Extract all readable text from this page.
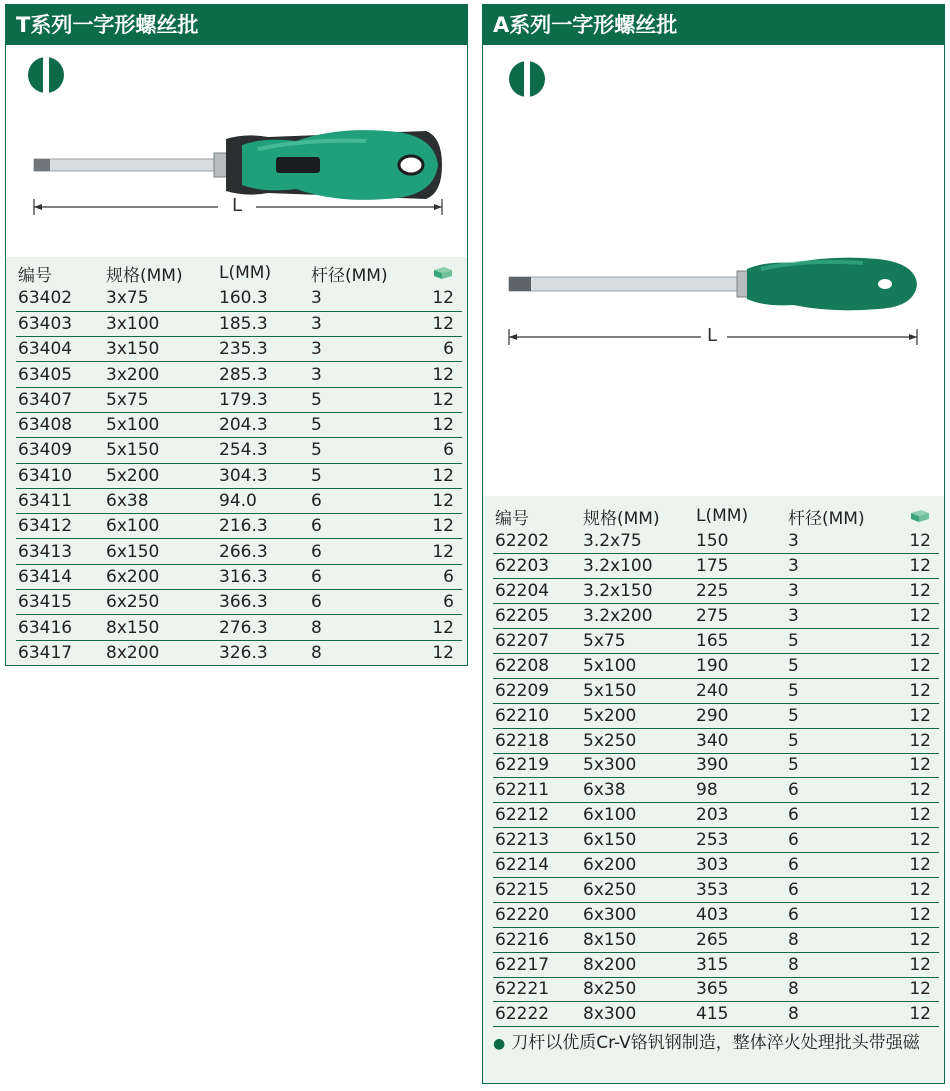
T系列一字形螺丝批
L
编号	规格(MM)	L(MM)	杆径(MM)	
63402	3x75	160.3	3	12
63403	3x100	185.3	3	12
63404	3x150	235.3	3	6
63405	3x200	285.3	3	12
63407	5x75	179.3	5	12
63408	5x100	204.3	5	12
63409	5x150	254.3	5	6
63410	5x200	304.3	5	12
63411	6x38	94.0	6	12
63412	6x100	216.3	6	12
63413	6x150	266.3	6	12
63414	6x200	316.3	6	6
63415	6x250	366.3	6	6
63416	8x150	276.3	8	12
63417	8x200	326.3	8	12
A系列一字形螺丝批
L
编号	规格(MM)	L(MM)	杆径(MM)	
62202	3.2x75	150	3	12
62203	3.2x100	175	3	12
62204	3.2x150	225	3	12
62205	3.2x200	275	3	12
62207	5x75	165	5	12
62208	5x100	190	5	12
62209	5x150	240	5	12
62210	5x200	290	5	12
62218	5x250	340	5	12
62219	5x300	390	5	12
62211	6x38	98	6	12
62212	6x100	203	6	12
62213	6x150	253	6	12
62214	6x200	303	6	12
62215	6x250	353	6	12
62220	6x300	403	6	12
62216	8x150	265	8	12
62217	8x200	315	8	12
62221	8x250	365	8	12
62222	8x300	415	8	12
● 刀杆以优质Cr-V铬钒钢制造，整体淬火处理批头带强磁
